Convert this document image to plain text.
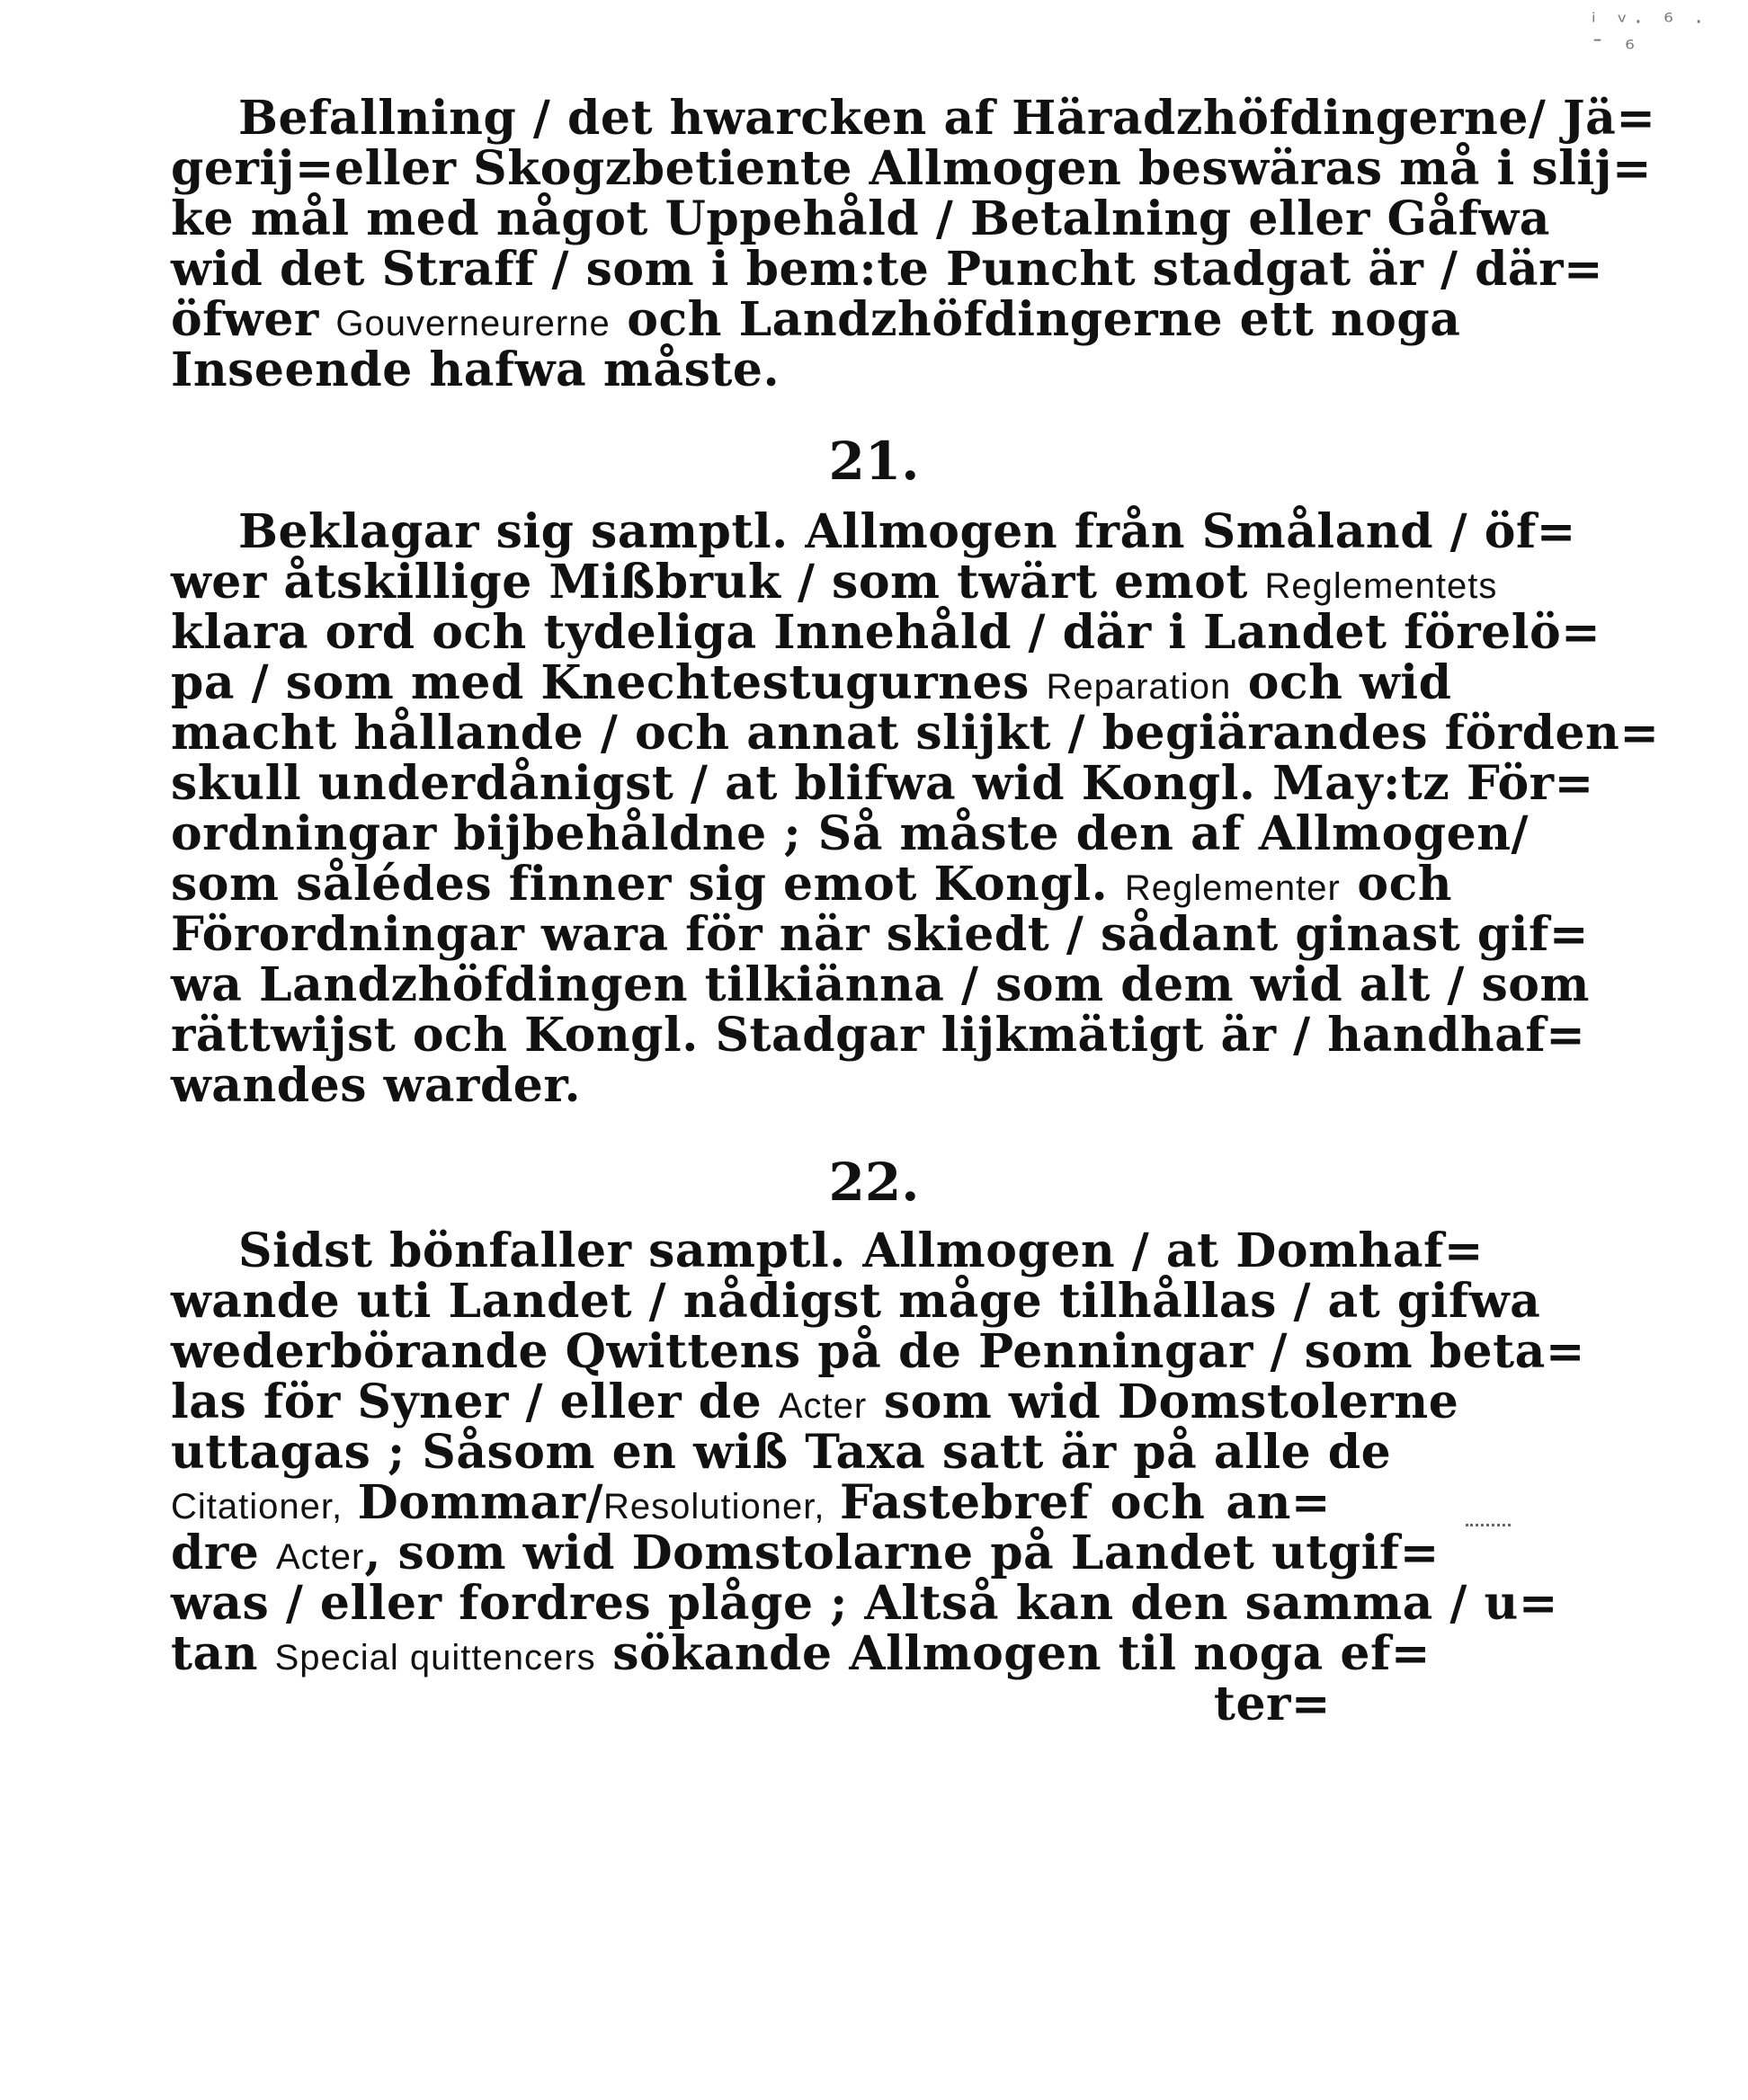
ⁱ ᵛ· ⁶ · ¯ ⁶
Befallning / det hwarcken af Häradzhöfdingerne/ Jä=
gerij=eller Skogzbetiente Allmogen beswäras må i slij=
ke mål med något Uppehåld / Betalning eller Gåfwa
wid det Straff / som i bem:te Puncht stadgat är / där=
öfwer Gouverneurerne och Landzhöfdingerne ett noga
Inseende hafwa måste.
21.
Beklagar sig samptl. Allmogen från Småland / öf=
wer åtskillige Mißbruk / som twärt emot Reglementets
klara ord och tydeliga Innehåld / där i Landet förelö=
pa / som med Knechtestugurnes Reparation och wid
macht hållande / och annat slijkt / begiärandes förden=
skull underdånigst / at blifwa wid Kongl. May:tz För=
ordningar bijbehåldne ; Så måste den af Allmogen/
som sålédes finner sig emot Kongl. Reglementer och
Förordningar wara för när skiedt / sådant ginast gif=
wa Landzhöfdingen tilkiänna / som dem wid alt / som
rättwijst och Kongl. Stadgar lijkmätigt är / handhaf=
wandes warder.
22.
Sidst bönfaller samptl. Allmogen / at Domhaf=
wande uti Landet / nådigst måge tilhållas / at gifwa
wederbörande Qwittens på de Penningar / som beta=
las för Syner / eller de Acter som wid Domstolerne
uttagas ; Såsom en wiß Taxa satt är på alle de
Citationer, Dommar/Resolutioner, Fastebref och an=
dre Acter, som wid Domstolarne på Landet utgif=
was / eller fordres plåge ; Altså kan den samma / u=
tan Special quittencers sökande Allmogen til noga ef=
ter=
